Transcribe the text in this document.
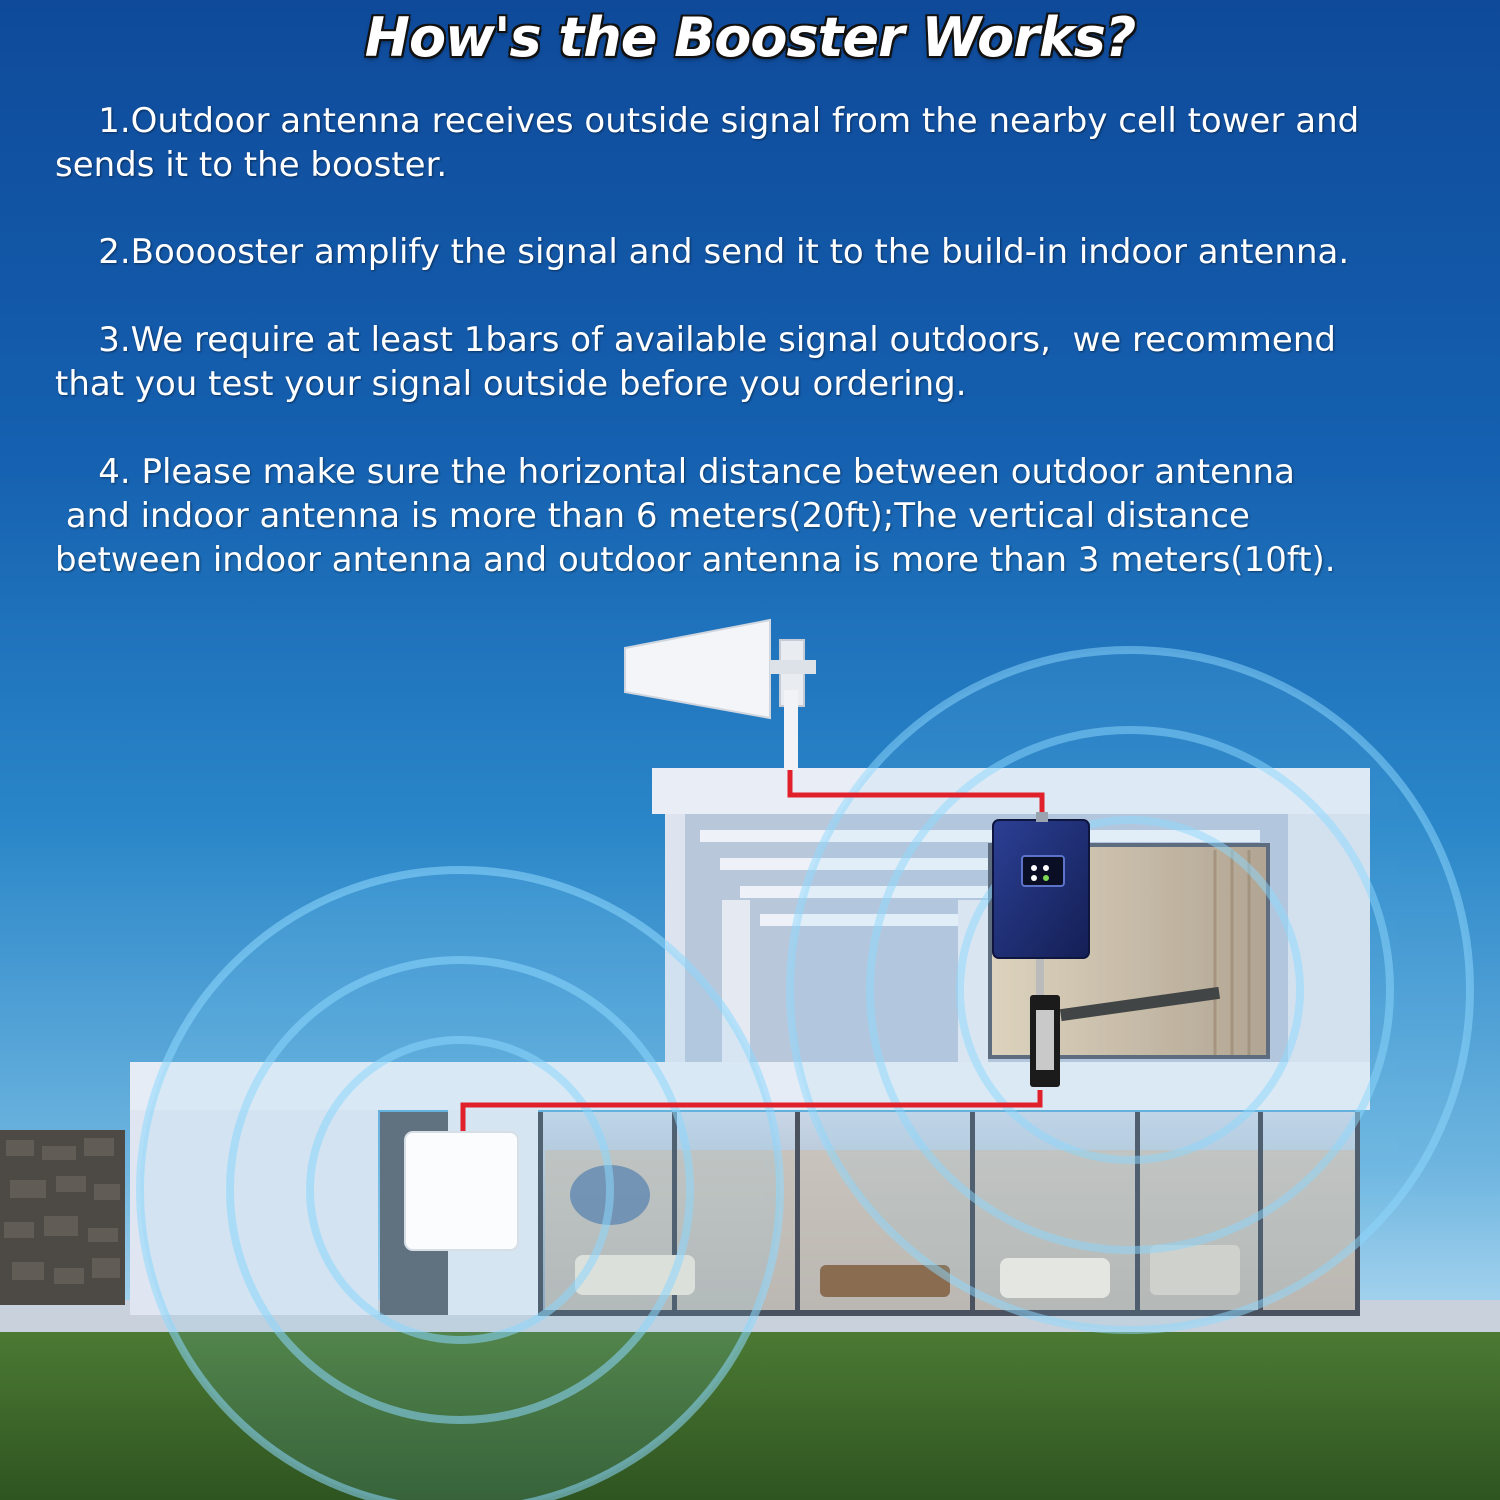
How's the Booster Works?

1.Outdoor antenna receives outside signal from the nearby cell tower and
sends it to the booster.

2.Booooster amplify the signal and send it to the build-in indoor antenna.

3.We require at least 1bars of available signal outdoors,  we recommend
that you test your signal outside before you ordering.

4. Please make sure the horizontal distance between outdoor antenna
and indoor antenna is more than 6 meters(20ft);The vertical distance
between indoor antenna and outdoor antenna is more than 3 meters(10ft).
